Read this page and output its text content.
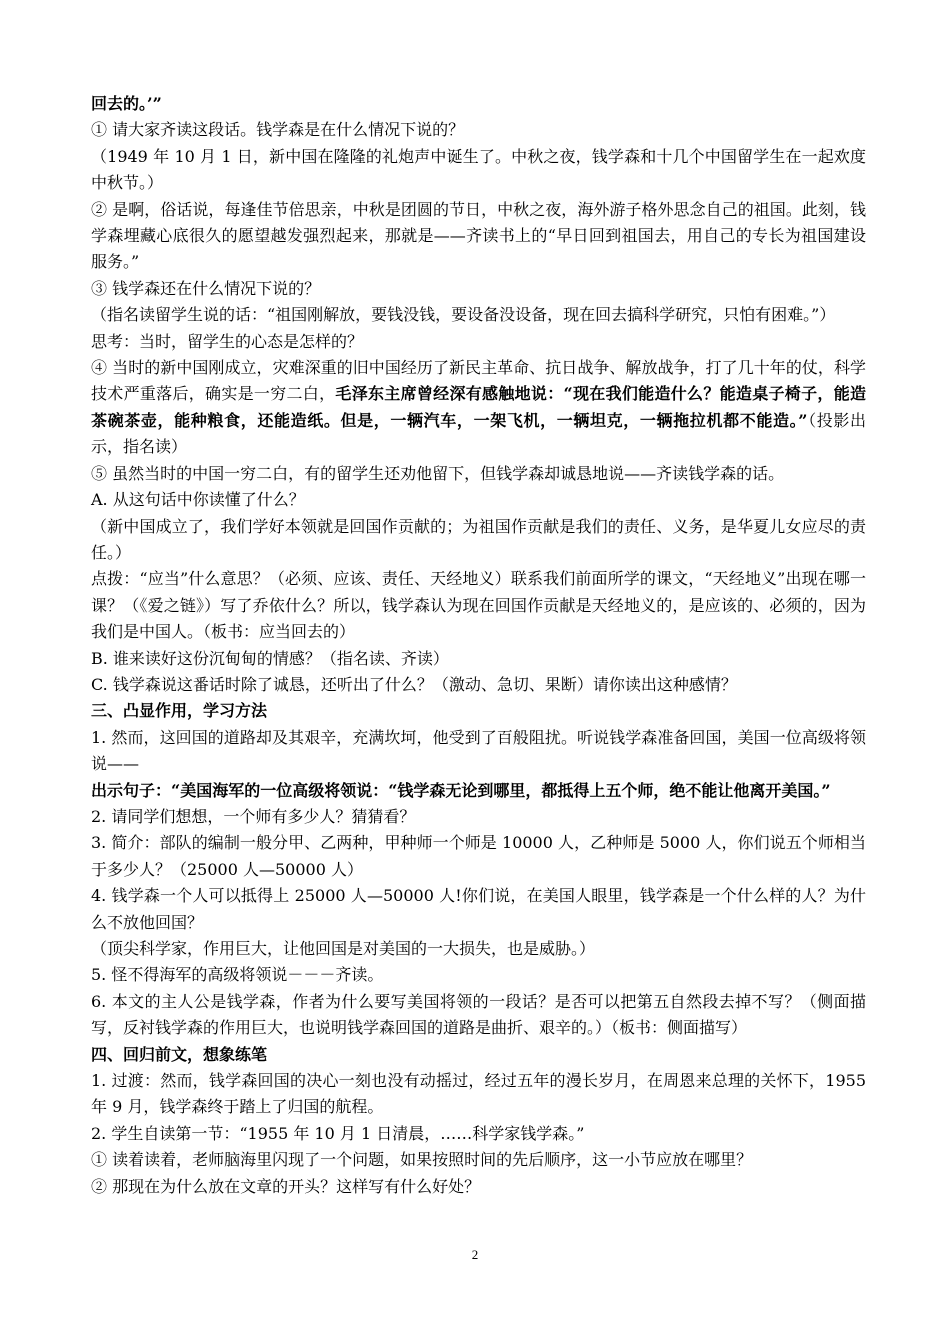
回去的。’”

① 请大家齐读这段话。钱学森是在什么情况下说的？

（1949 年 10 月 1 日，新中国在隆隆的礼炮声中诞生了。中秋之夜，钱学森和十几个中国留学生在一起欢度中秋节。）

② 是啊，俗话说，每逢佳节倍思亲，中秋是团圆的节日，中秋之夜，海外游子格外思念自己的祖国。此刻，钱学森埋藏心底很久的愿望越发强烈起来，那就是——齐读书上的“早日回到祖国去，用自己的专长为祖国建设服务。”

③ 钱学森还在什么情况下说的？

（指名读留学生说的话：“祖国刚解放，要钱没钱，要设备没设备，现在回去搞科学研究，只怕有困难。”）

思考：当时，留学生的心态是怎样的？

④ 当时的新中国刚成立，灾难深重的旧中国经历了新民主革命、抗日战争、解放战争，打了几十年的仗，科学技术严重落后，确实是一穷二白，毛泽东主席曾经深有感触地说：“现在我们能造什么？能造桌子椅子，能造茶碗茶壶，能种粮食，还能造纸。但是，一辆汽车，一架飞机，一辆坦克，一辆拖拉机都不能造。”（投影出示，指名读）

⑤ 虽然当时的中国一穷二白，有的留学生还劝他留下，但钱学森却诚恳地说——齐读钱学森的话。

A. 从这句话中你读懂了什么？

（新中国成立了，我们学好本领就是回国作贡献的；为祖国作贡献是我们的责任、义务，是华夏儿女应尽的责任。）

点拨：“应当”什么意思？（必须、应该、责任、天经地义）联系我们前面所学的课文，“天经地义”出现在哪一课？（《爱之链》）写了乔依什么？所以，钱学森认为现在回国作贡献是天经地义的，是应该的、必须的，因为我们是中国人。（板书：应当回去的）

B. 谁来读好这份沉甸甸的情感？（指名读、齐读）

C. 钱学森说这番话时除了诚恳，还听出了什么？（激动、急切、果断）请你读出这种感情？

三、凸显作用，学习方法

1. 然而，这回国的道路却及其艰辛，充满坎坷，他受到了百般阻扰。听说钱学森准备回国，美国一位高级将领说——

出示句子：“美国海军的一位高级将领说：“钱学森无论到哪里，都抵得上五个师，绝不能让他离开美国。”

2. 请同学们想想，一个师有多少人？猜猜看？

3. 简介：部队的编制一般分甲、乙两种，甲种师一个师是 10000 人，乙种师是 5000 人，你们说五个师相当于多少人？（25000 人—50000 人）

4. 钱学森一个人可以抵得上 25000 人—50000 人!你们说，在美国人眼里，钱学森是一个什么样的人？为什么不放他回国？

（顶尖科学家，作用巨大，让他回国是对美国的一大损失，也是威胁。）

5. 怪不得海军的高级将领说－－－齐读。

6. 本文的主人公是钱学森，作者为什么要写美国将领的一段话？是否可以把第五自然段去掉不写？（侧面描写，反衬钱学森的作用巨大，也说明钱学森回国的道路是曲折、艰辛的。）（板书：侧面描写）

四、回归前文，想象练笔

1. 过渡：然而，钱学森回国的决心一刻也没有动摇过，经过五年的漫长岁月，在周恩来总理的关怀下，1955 年 9 月，钱学森终于踏上了归国的航程。

2. 学生自读第一节：“1955 年 10 月 1 日清晨，……科学家钱学森。”

① 读着读着，老师脑海里闪现了一个问题，如果按照时间的先后顺序，这一小节应放在哪里？

② 那现在为什么放在文章的开头？这样写有什么好处？

2
